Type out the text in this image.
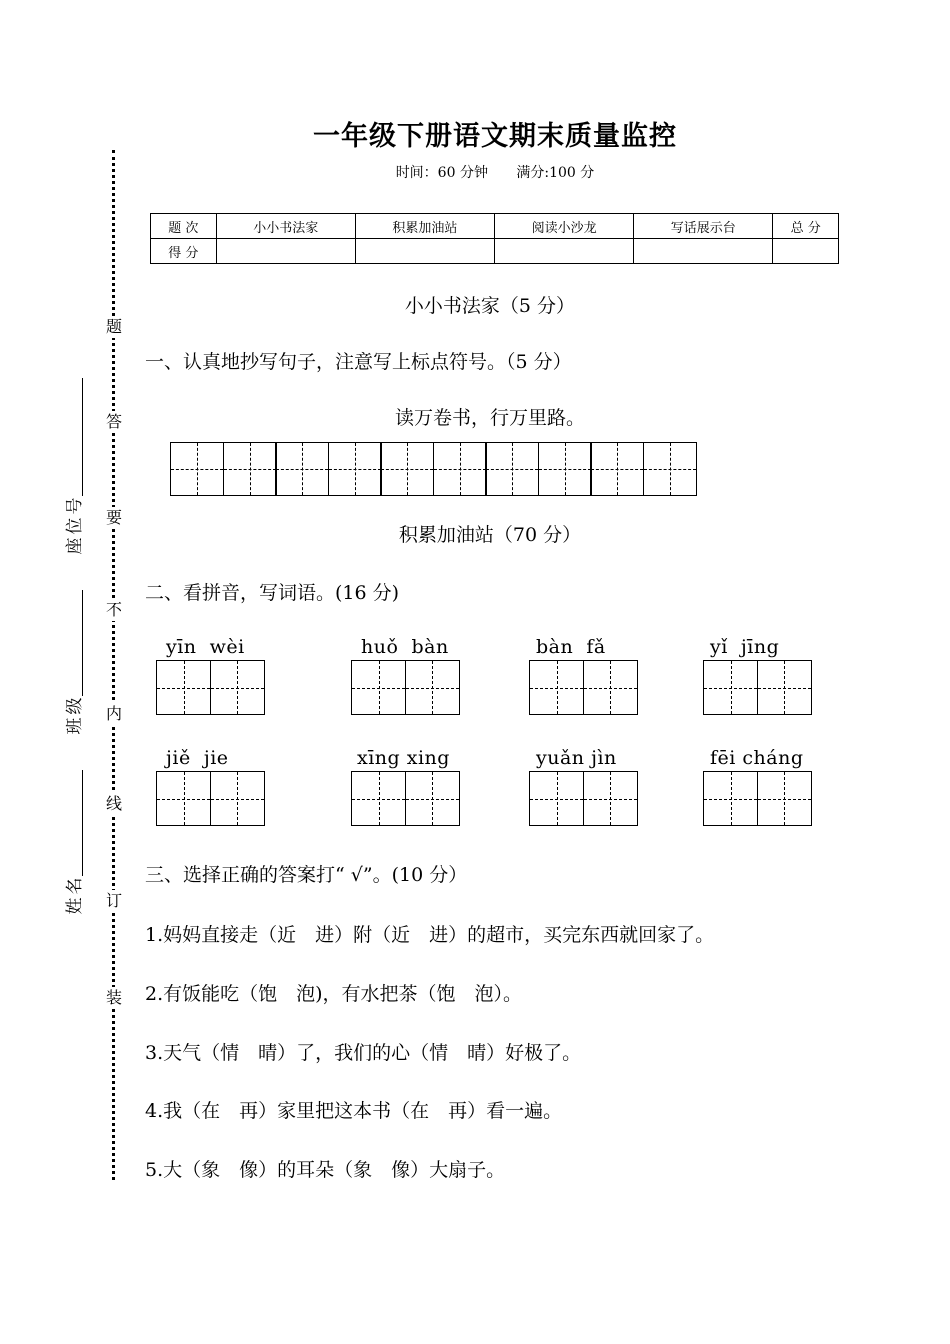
题
答
要
不
内
线
订
装
号
位
座
级
班
名
姓
一年级下册语文期末质量监控
时间：60 分钟 满分:100 分
题 次	小小书法家	积累加油站	阅读小沙龙	写话展示台	总 分
得 分					
小小书法家（5 分）
一、认真地抄写句子，注意写上标点符号。（5 分）
读万卷书，行万里路。
积累加油站（70 分）
二、看拼音，写词语。(16 分)
yīn wèi	huǒ bàn	bàn fǎ	yǐ jīng
jiě jie	xīng xing	yuǎn jìn	fēi cháng
三、选择正确的答案打“ √”。(10 分）
1.妈妈直接走（近　进）附（近　进）的超市，买完东西就回家了。
2.有饭能吃（饱　泡)，有水把茶（饱　泡）。
3.天气（情　晴）了，我们的心（情　晴）好极了。
4.我（在　再）家里把这本书（在　再）看一遍。
5.大（象　像）的耳朵（象　像）大扇子。
